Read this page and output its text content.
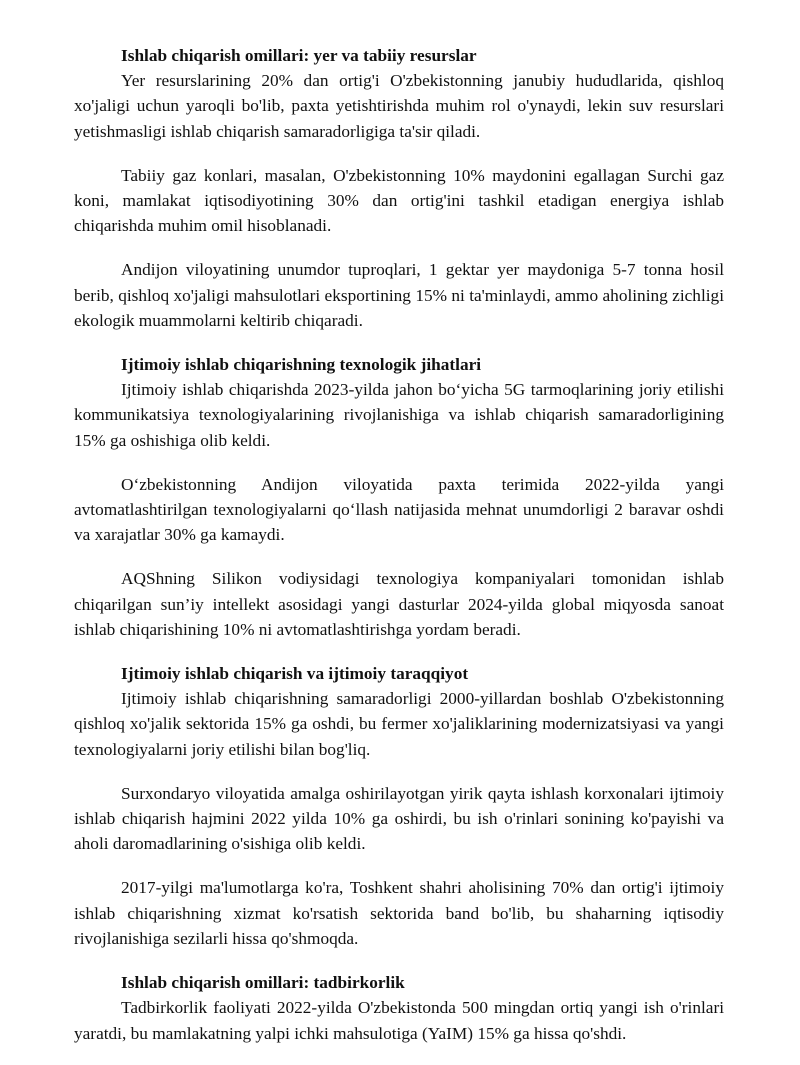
Ishlab chiqarish omillari: yer va tabiiy resurslar

Yer resurslarining 20% dan ortig'i O'zbekistonning janubiy hududlarida, qishloq xo'jaligi uchun yaroqli bo'lib, paxta yetishtirishda muhim rol o'ynaydi, lekin suv resurslari yetishmasligi ishlab chiqarish samaradorligiga ta'sir qiladi.

Tabiiy gaz konlari, masalan, O'zbekistonning 10% maydonini egallagan Surchi gaz koni, mamlakat iqtisodiyotining 30% dan ortig'ini tashkil etadigan energiya ishlab chiqarishda muhim omil hisoblanadi.

Andijon viloyatining unumdor tuproqlari, 1 gektar yer maydoniga 5-7 tonna hosil berib, qishloq xo'jaligi mahsulotlari eksportining 15% ni ta'minlaydi, ammo aholining zichligi ekologik muammolarni keltirib chiqaradi.

Ijtimoiy ishlab chiqarishning texnologik jihatlari

Ijtimoiy ishlab chiqarishda 2023-yilda jahon bo‘yicha 5G tarmoqlarining joriy etilishi kommunikatsiya texnologiyalarining rivojlanishiga va ishlab chiqarish samaradorligining 15% ga oshishiga olib keldi.

O‘zbekistonning Andijon viloyatida paxta terimida 2022-yilda yangi avtomatlashtirilgan texnologiyalarni qo‘llash natijasida mehnat unumdorligi 2 baravar oshdi va xarajatlar 30% ga kamaydi.

AQShning Silikon vodiysidagi texnologiya kompaniyalari tomonidan ishlab chiqarilgan sun’iy intellekt asosidagi yangi dasturlar 2024-yilda global miqyosda sanoat ishlab chiqarishining 10% ni avtomatlashtirishga yordam beradi.

Ijtimoiy ishlab chiqarish va ijtimoiy taraqqiyot

Ijtimoiy ishlab chiqarishning samaradorligi 2000-yillardan boshlab O'zbekistonning qishloq xo'jalik sektorida 15% ga oshdi, bu fermer xo'jaliklarining modernizatsiyasi va yangi texnologiyalarni joriy etilishi bilan bog'liq.

Surxondaryo viloyatida amalga oshirilayotgan yirik qayta ishlash korxonalari ijtimoiy ishlab chiqarish hajmini 2022 yilda 10% ga oshirdi, bu ish o'rinlari sonining ko'payishi va aholi daromadlarining o'sishiga olib keldi.

2017-yilgi ma'lumotlarga ko'ra, Toshkent shahri aholisining 70% dan ortig'i ijtimoiy ishlab chiqarishning xizmat ko'rsatish sektorida band bo'lib, bu shaharning iqtisodiy rivojlanishiga sezilarli hissa qo'shmoqda.

Ishlab chiqarish omillari: tadbirkorlik

Tadbirkorlik faoliyati 2022-yilda O'zbekistonda 500 mingdan ortiq yangi ish o'rinlari yaratdi, bu mamlakatning yalpi ichki mahsulotiga (YaIM) 15% ga hissa qo'shdi.
